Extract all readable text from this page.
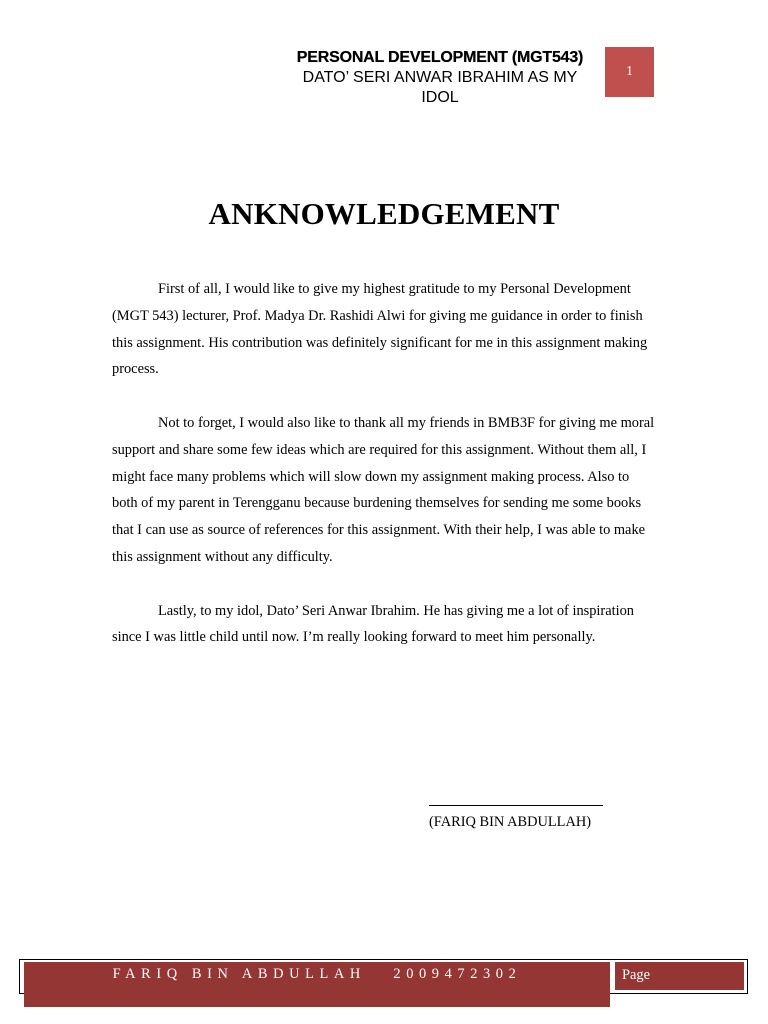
PERSONAL DEVELOPMENT (MGT543)
DATO’ SERI ANWAR IBRAHIM AS MY IDOL
1
ANKNOWLEDGEMENT

First of all, I would like to give my highest gratitude to my Personal Development (MGT 543) lecturer, Prof. Madya Dr. Rashidi Alwi for giving me guidance in order to finish this assignment. His contribution was definitely significant for me in this assignment making process.

Not to forget, I would also like to thank all my friends in BMB3F for giving me moral support and share some few ideas which are required for this assignment. Without them all, I might face many problems which will slow down my assignment making process. Also to both of my parent in Terengganu because burdening themselves for sending me some books that I can use as source of references for this assignment. With their help, I was able to make this assignment without any difficulty.

Lastly, to my idol, Dato’ Seri Anwar Ibrahim. He has giving me a lot of inspiration since I was little child until now. I’m really looking forward to meet him personally.

(FARIQ BIN ABDULLAH)
FARIQ BIN ABDULLAH   2009472302	Page
